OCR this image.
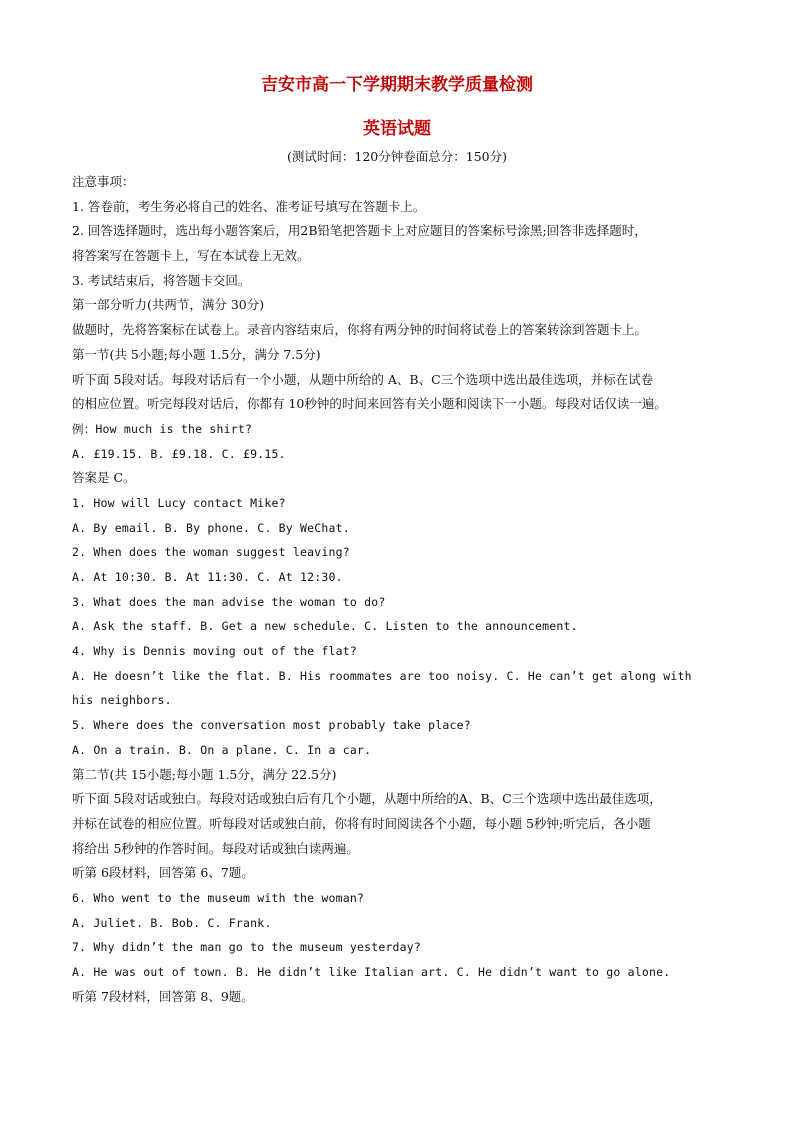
吉安市高一下学期期末教学质量检测
英语试题
(测试时间：120分钟卷面总分：150分)
注意事项：
1. 答卷前，考生务必将自己的姓名、准考证号填写在答题卡上。
2. 回答选择题时，选出每小题答案后，用2B铅笔把答题卡上对应题目的答案标号涂黑;回答非选择题时，
将答案写在答题卡上，写在本试卷上无效。
3. 考试结束后，将答题卡交回。
第一部分听力(共两节，满分 30分)
做题时，先将答案标在试卷上。录音内容结束后，你将有两分钟的时间将试卷上的答案转涂到答题卡上。
第一节(共 5小题;每小题 1.5分，满分 7.5分)
听下面 5段对话。每段对话后有一个小题，从题中所给的 A、B、C三个选项中选出最佳选项，并标在试卷
的相应位置。听完每段对话后，你都有 10秒钟的时间来回答有关小题和阅读下一小题。每段对话仅读一遍。
例：How much is the shirt?
A. £19.15. B. £9.18. C. £9.15.
答案是 C。
1. How will Lucy contact Mike?
A. By email. B. By phone. C. By WeChat.
2. When does the woman suggest leaving?
A. At 10:30. B. At 11:30. C. At 12:30.
3. What does the man advise the woman to do?
A. Ask the staff. B. Get a new schedule. C. Listen to the announcement.
4. Why is Dennis moving out of the flat?
A. He doesn’t like the flat. B. His roommates are too noisy. C. He can’t get along with
his neighbors.
5. Where does the conversation most probably take place?
A. On a train. B. On a plane. C. In a car.
第二节(共 15小题;每小题 1.5分，满分 22.5分)
听下面 5段对话或独白。每段对话或独白后有几个小题，从题中所给的A、B、C三个选项中选出最佳选项，
并标在试卷的相应位置。听每段对话或独白前，你将有时间阅读各个小题，每小题 5秒钟;听完后，各小题
将给出 5秒钟的作答时间。每段对话或独白读两遍。
听第 6段材料，回答第 6、7题。
6. Who went to the museum with the woman?
A. Juliet. B. Bob. C. Frank.
7. Why didn’t the man go to the museum yesterday?
A. He was out of town. B. He didn’t like Italian art. C. He didn’t want to go alone.
听第 7段材料，回答第 8、9题。
